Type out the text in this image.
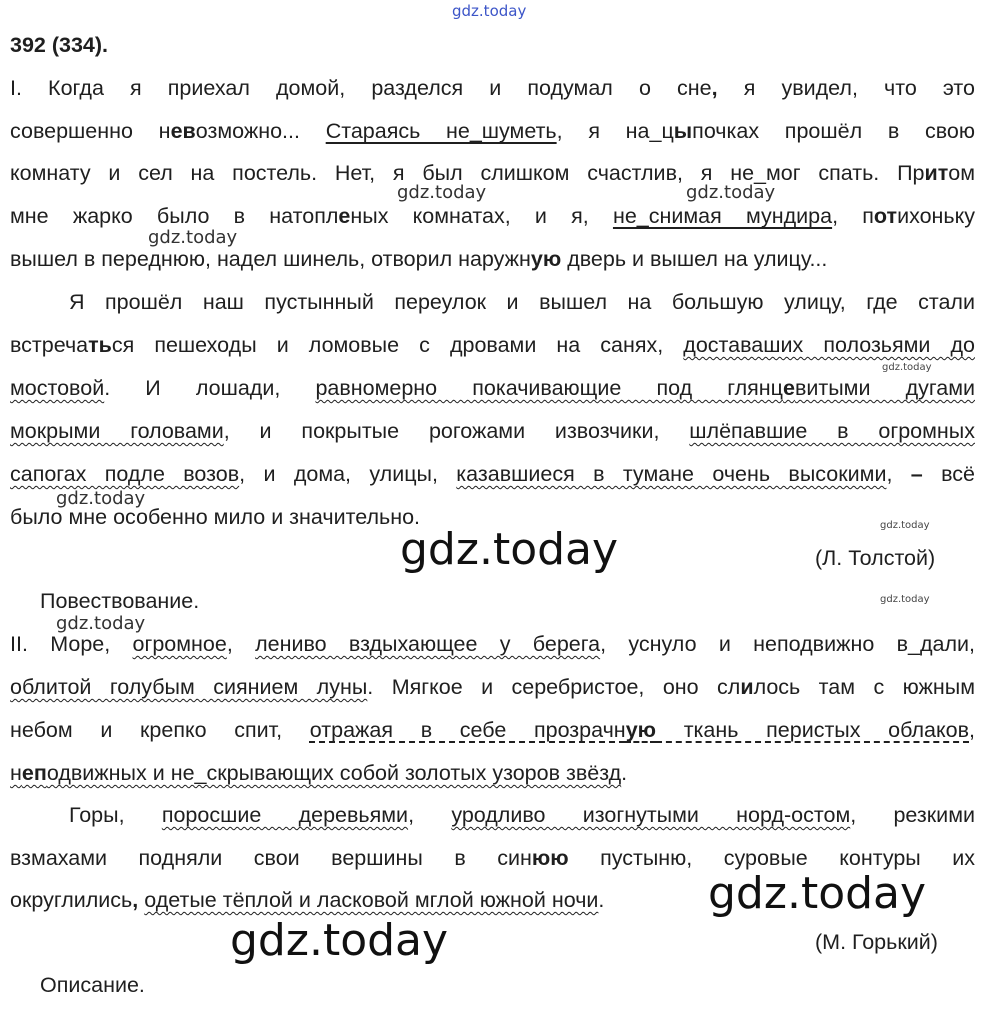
392 (334).
I. Когда я приехал домой, разделся и подумал о сне, я увидел, что это
совершенно невозможно... Стараясь не_шуметь, я на_цыпочках прошёл в свою
комнату и сел на постель. Нет, я был слишком счастлив, я не_мог спать. Притом
мне жарко было в натопленых комнатах, и я, не_снимая мундира, потихоньку
вышел в переднюю, надел шинель, отворил наружную дверь и вышел на улицу...
Я прошёл наш пустынный переулок и вышел на большую улицу, где стали
встречаться пешеходы и ломовые с дровами на санях, доставаших полозьями до
мостовой. И лошади, равномерно покачивающие под глянцевитыми дугами
мокрыми головами, и покрытые рогожами извозчики, шлёпавшие в огромных
сапогах подле возов, и дома, улицы, казавшиеся в тумане очень высокими, – всё
было мне особенно мило и значительно.
(Л. Толстой)
Повествование.
II. Море, огромное, лениво вздыхающее у берега, уснуло и неподвижно в_дали,
облитой голубым сиянием луны. Мягкое и серебристое, оно слилось там с южным
небом и крепко спит, отражая в себе прозрачную ткань перистых облаков,
неподвижных и не_скрывающих собой золотых узоров звёзд.
Горы, поросшие деревьями, уродливо изогнутыми норд-остом, резкими
взмахами подняли свои вершины в синюю пустыню, суровые контуры их
округлились, одетые тёплой и ласковой мглой южной ночи.
(М. Горький)
Описание.
gdz.today
gdz.today	gdz.today
gdz.today
gdz.today
gdz.today
gdz.today
gdz.today
gdz.today
gdz.today
gdz.today
gdz.today
